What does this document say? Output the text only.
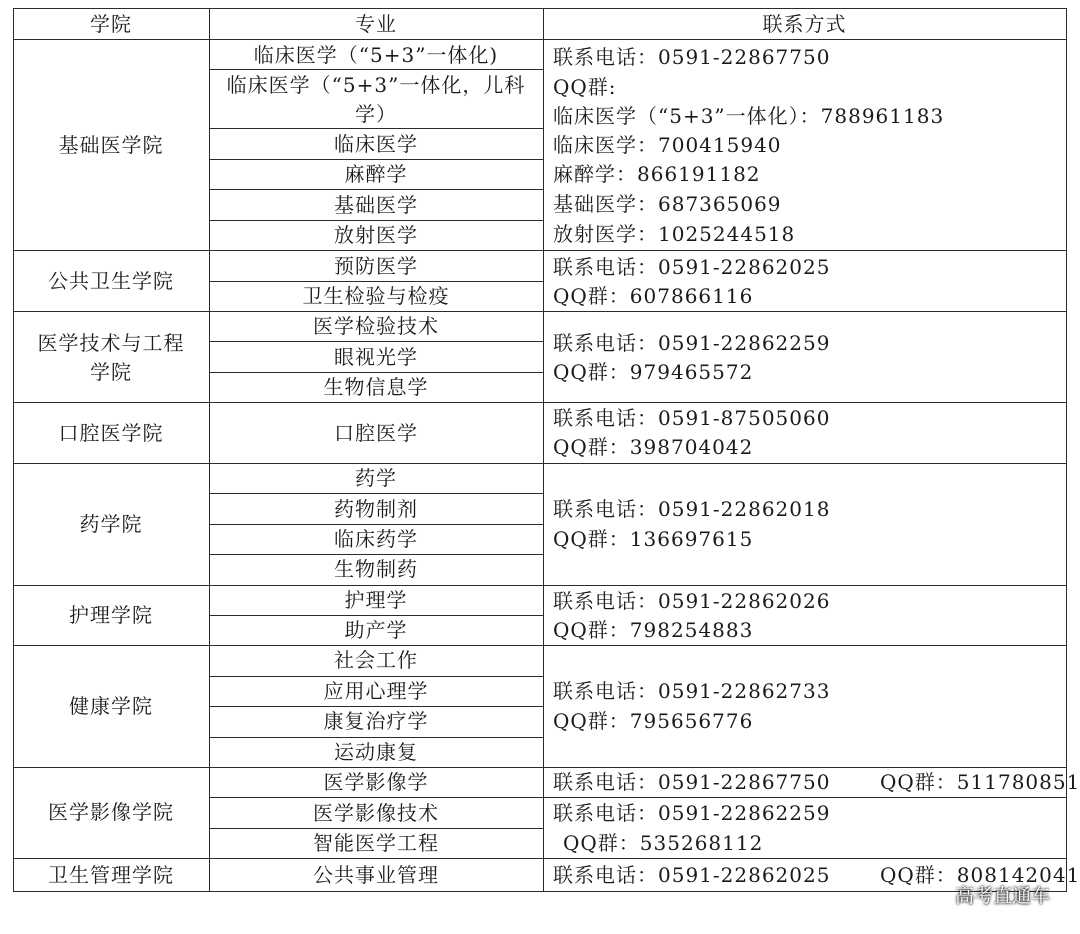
学院	专业	联系方式
基础医学院
公共卫生学院
医学技术与工程
学院
口腔医学院
药学院
护理学院
健康学院
医学影像学院
卫生管理学院
临床医学（“5+3”一体化)
临床医学（“5+3”一体化，儿科
学）
临床医学
麻醉学
基础医学
放射医学
预防医学
卫生检验与检疫
医学检验技术
眼视光学
生物信息学
口腔医学
药学
药物制剂
临床药学
生物制药
护理学
助产学
社会工作
应用心理学
康复治疗学
运动康复
医学影像学
医学影像技术
智能医学工程
公共事业管理
联系电话：0591-22867750
QQ群:
临床医学（“5+3”一体化）：788961183
临床医学：700415940
麻醉学：866191182
基础医学：687365069
放射医学：1025244518
联系电话：0591-22862025
QQ群：607866116
联系电话：0591-22862259
QQ群：979465572
联系电话：0591-87505060
QQ群：398704042
联系电话：0591-22862018
QQ群：136697615
联系电话：0591-22862026
QQ群：798254883
联系电话：0591-22862733
QQ群：795656776
联系电话：0591-22867750 QQ群：511780851
联系电话：0591-22862259
QQ群：535268112
联系电话：0591-22862025 QQ群：808142041
高考直通车
